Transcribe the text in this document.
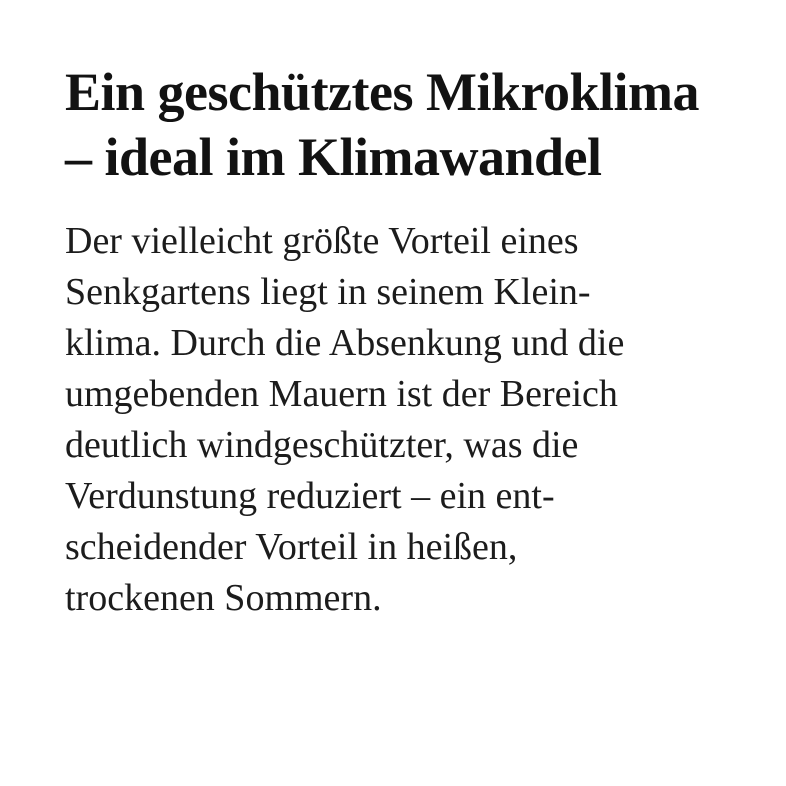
Ein geschütztes Mikroklima
– ideal im Klimawandel

Der vielleicht größte Vorteil eines
Senkgartens liegt in seinem Klein-
klima. Durch die Absenkung und die
umgebenden Mauern ist der Bereich
deutlich windgeschützter, was die
Verdunstung reduziert – ein ent-
scheidender Vorteil in heißen,
trockenen Sommern.
